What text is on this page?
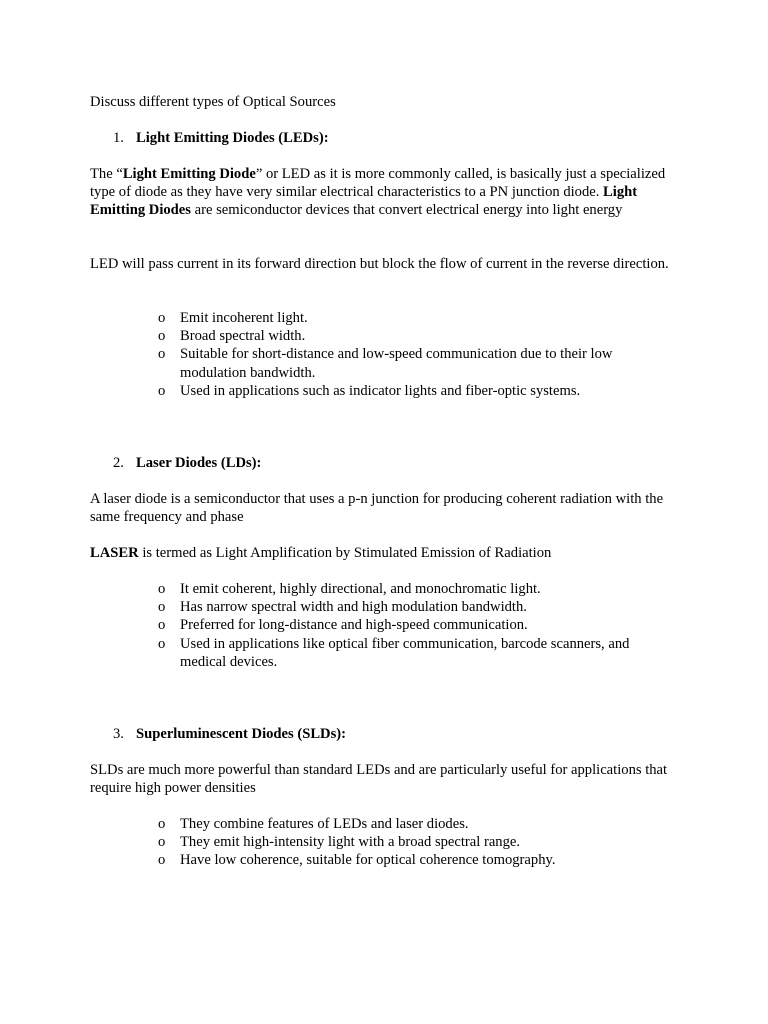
Discuss different types of Optical Sources

1. Light Emitting Diodes (LEDs):

The “Light Emitting Diode” or LED as it is more commonly called, is basically just a specialized type of diode as they have very similar electrical characteristics to a PN junction diode. Light Emitting Diodes are semiconductor devices that convert electrical energy into light energy

LED will pass current in its forward direction but block the flow of current in the reverse direction.

o Emit incoherent light.
o Broad spectral width.
o Suitable for short-distance and low-speed communication due to their low modulation bandwidth.
o Used in applications such as indicator lights and fiber-optic systems.

2. Laser Diodes (LDs):

A laser diode is a semiconductor that uses a p-n junction for producing coherent radiation with the same frequency and phase

LASER is termed as Light Amplification by Stimulated Emission of Radiation

o It emit coherent, highly directional, and monochromatic light.
o Has narrow spectral width and high modulation bandwidth.
o Preferred for long-distance and high-speed communication.
o Used in applications like optical fiber communication, barcode scanners, and medical devices.

3. Superluminescent Diodes (SLDs):

SLDs are much more powerful than standard LEDs and are particularly useful for applications that require high power densities

o They combine features of LEDs and laser diodes.
o They emit high-intensity light with a broad spectral range.
o Have low coherence, suitable for optical coherence tomography.
